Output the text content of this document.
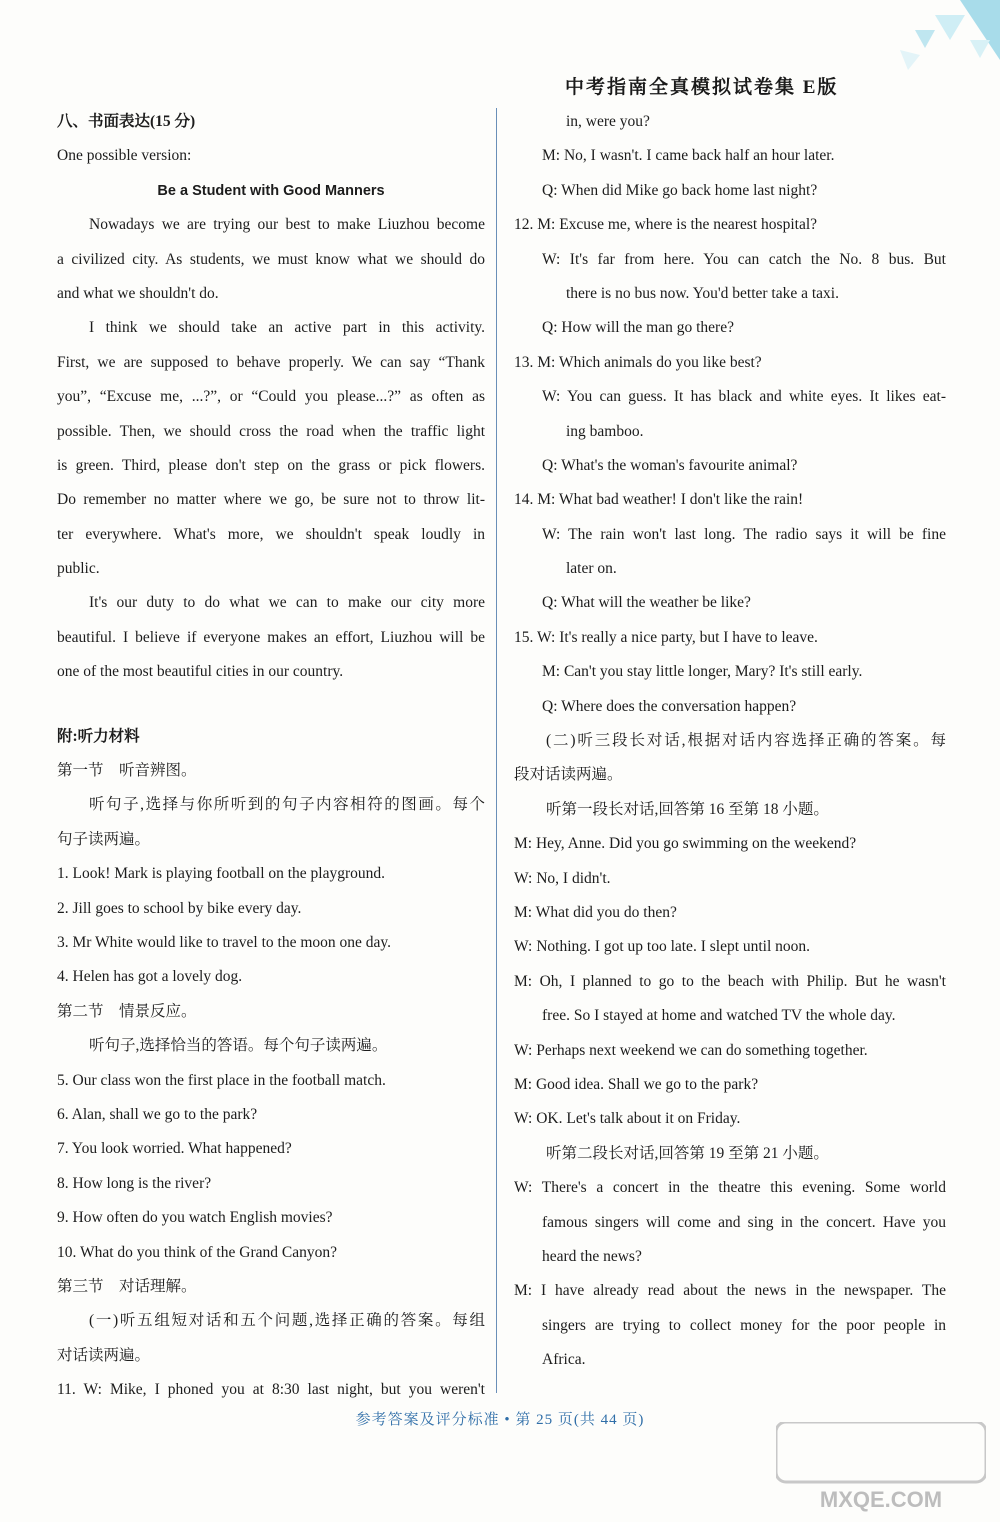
中考指南全真模拟试卷集 E版
八、书面表达(15 分)
One possible version:
Be a Student with Good Manners
Nowadays we are trying our best to make Liuzhou become
a civilized city. As students, we must know what we should do
and what we shouldn't do.
I think we should take an active part in this activity.
First, we are supposed to behave properly. We can say “Thank
you”, “Excuse me, ...?”, or “Could you please...?” as often as
possible. Then, we should cross the road when the traffic light
is green. Third, please don't step on the grass or pick flowers.
Do remember no matter where we go, be sure not to throw lit-
ter everywhere. What's more, we shouldn't speak loudly in
public.
It's our duty to do what we can to make our city more
beautiful. I believe if everyone makes an effort, Liuzhou will be
one of the most beautiful cities in our country.
附:听力材料
第一节　听音辨图。
听句子,选择与你所听到的句子内容相符的图画。每个
句子读两遍。
1. Look! Mark is playing football on the playground.
2. Jill goes to school by bike every day.
3. Mr White would like to travel to the moon one day.
4. Helen has got a lovely dog.
第二节　情景反应。
听句子,选择恰当的答语。每个句子读两遍。
5. Our class won the first place in the football match.
6. Alan, shall we go to the park?
7. You look worried. What happened?
8. How long is the river?
9. How often do you watch English movies?
10. What do you think of the Grand Canyon?
第三节　对话理解。
(一)听五组短对话和五个问题,选择正确的答案。每组
对话读两遍。
11. W: Mike, I phoned you at 8:30 last night, but you weren't
in, were you?
M: No, I wasn't. I came back half an hour later.
Q: When did Mike go back home last night?
12. M: Excuse me, where is the nearest hospital?
W: It's far from here. You can catch the No. 8 bus. But
there is no bus now. You'd better take a taxi.
Q: How will the man go there?
13. M: Which animals do you like best?
W: You can guess. It has black and white eyes. It likes eat-
ing bamboo.
Q: What's the woman's favourite animal?
14. M: What bad weather! I don't like the rain!
W: The rain won't last long. The radio says it will be fine
later on.
Q: What will the weather be like?
15. W: It's really a nice party, but I have to leave.
M: Can't you stay little longer, Mary? It's still early.
Q: Where does the conversation happen?
(二)听三段长对话,根据对话内容选择正确的答案。每
段对话读两遍。
听第一段长对话,回答第 16 至第 18 小题。
M: Hey, Anne. Did you go swimming on the weekend?
W: No, I didn't.
M: What did you do then?
W: Nothing. I got up too late. I slept until noon.
M: Oh, I planned to go to the beach with Philip. But he wasn't
free. So I stayed at home and watched TV the whole day.
W: Perhaps next weekend we can do something together.
M: Good idea. Shall we go to the park?
W: OK. Let's talk about it on Friday.
听第二段长对话,回答第 19 至第 21 小题。
W: There's a concert in the theatre this evening. Some world
famous singers will come and sing in the concert. Have you
heard the news?
M: I have already read about the news in the newspaper. The
singers are trying to collect money for the poor people in
Africa.
参考答案及评分标准 • 第 25 页(共 44 页)
MXQE.COM
